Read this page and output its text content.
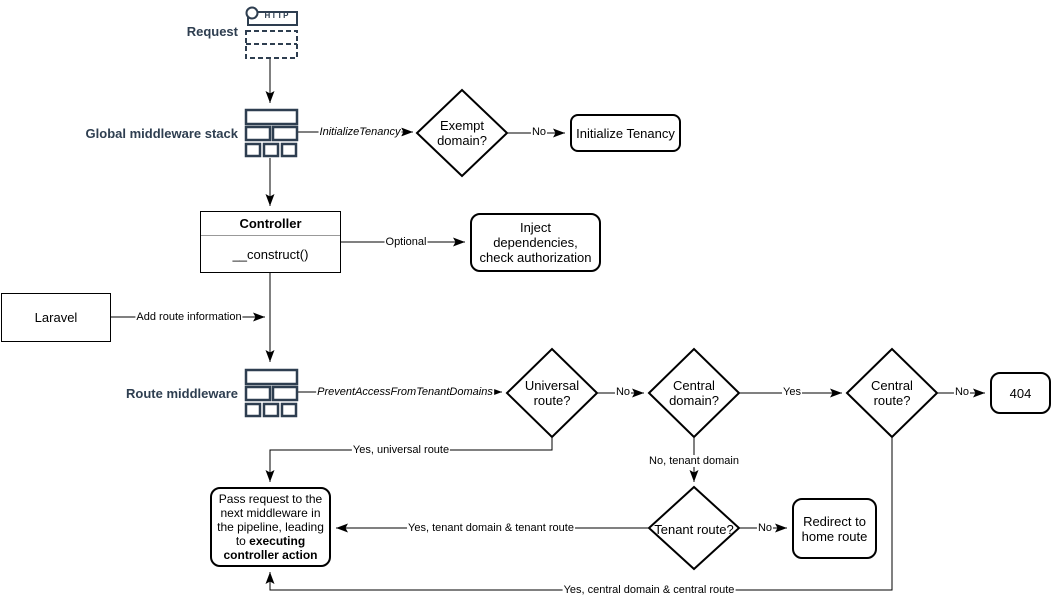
HTTP
Request
Global middleware stack
Route middleware
Exempt domain?
Universal route?
Central domain?
Central route?
Tenant route?
Initialize Tenancy
Controller
__construct()
Inject dependencies, check authorization
Laravel
404
Redirect to home route
Pass request to the next middleware in the pipeline, leading to executing controller action
InitializeTenancy	No
Optional
Add route information
PreventAccessFromTenantDomains	No	Yes	No
Yes, universal route
No, tenant domain
No
Yes, tenant domain & tenant route
Yes, central domain & central route
